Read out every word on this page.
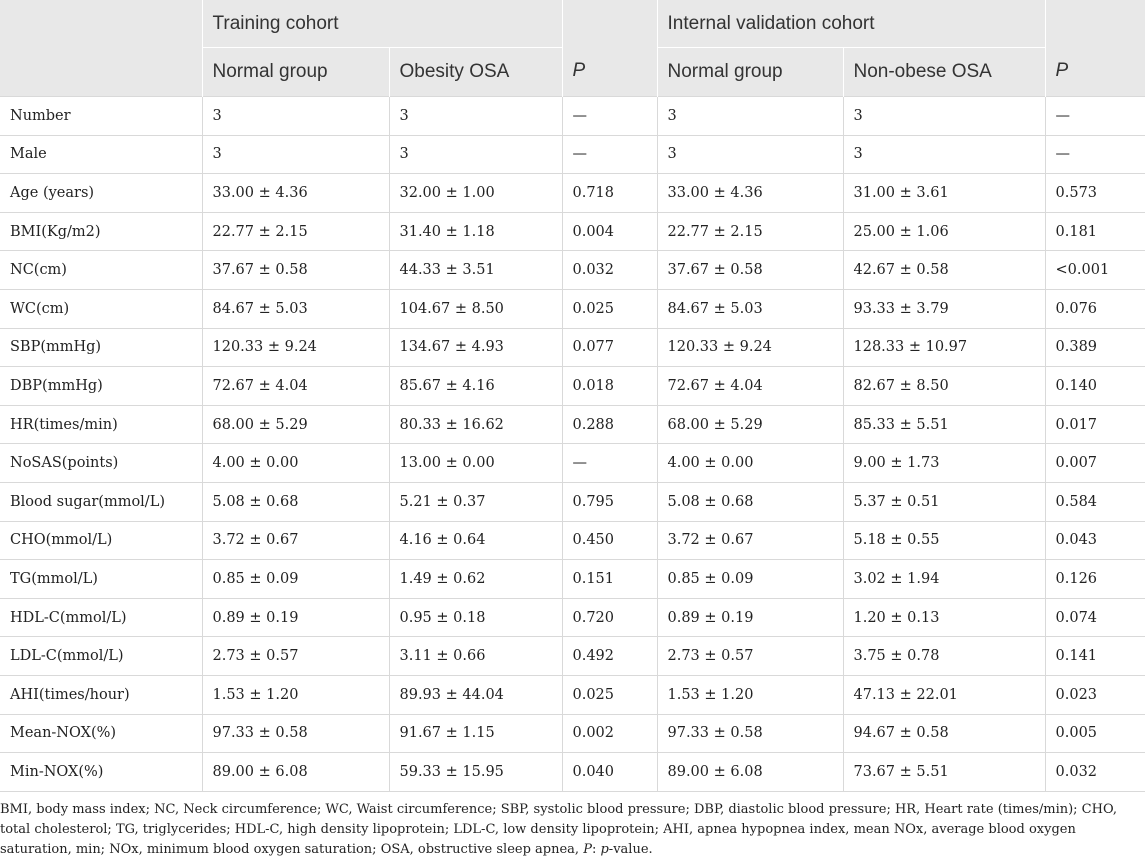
	Training cohort		P	Internal validation cohort		P
	Normal group	Obesity OSA		Normal group	Non-obese OSA	
Number	3	3	—	3	3	—
Male	3	3	—	3	3	—
Age (years)	33.00 ± 4.36	32.00 ± 1.00	0.718	33.00 ± 4.36	31.00 ± 3.61	0.573
BMI(Kg/m2)	22.77 ± 2.15	31.40 ± 1.18	0.004	22.77 ± 2.15	25.00 ± 1.06	0.181
NC(cm)	37.67 ± 0.58	44.33 ± 3.51	0.032	37.67 ± 0.58	42.67 ± 0.58	<0.001
WC(cm)	84.67 ± 5.03	104.67 ± 8.50	0.025	84.67 ± 5.03	93.33 ± 3.79	0.076
SBP(mmHg)	120.33 ± 9.24	134.67 ± 4.93	0.077	120.33 ± 9.24	128.33 ± 10.97	0.389
DBP(mmHg)	72.67 ± 4.04	85.67 ± 4.16	0.018	72.67 ± 4.04	82.67 ± 8.50	0.140
HR(times/min)	68.00 ± 5.29	80.33 ± 16.62	0.288	68.00 ± 5.29	85.33 ± 5.51	0.017
NoSAS(points)	4.00 ± 0.00	13.00 ± 0.00	—	4.00 ± 0.00	9.00 ± 1.73	0.007
Blood sugar(mmol/L)	5.08 ± 0.68	5.21 ± 0.37	0.795	5.08 ± 0.68	5.37 ± 0.51	0.584
CHO(mmol/L)	3.72 ± 0.67	4.16 ± 0.64	0.450	3.72 ± 0.67	5.18 ± 0.55	0.043
TG(mmol/L)	0.85 ± 0.09	1.49 ± 0.62	0.151	0.85 ± 0.09	3.02 ± 1.94	0.126
HDL-C(mmol/L)	0.89 ± 0.19	0.95 ± 0.18	0.720	0.89 ± 0.19	1.20 ± 0.13	0.074
LDL-C(mmol/L)	2.73 ± 0.57	3.11 ± 0.66	0.492	2.73 ± 0.57	3.75 ± 0.78	0.141
AHI(times/hour)	1.53 ± 1.20	89.93 ± 44.04	0.025	1.53 ± 1.20	47.13 ± 22.01	0.023
Mean-NOX(%)	97.33 ± 0.58	91.67 ± 1.15	0.002	97.33 ± 0.58	94.67 ± 0.58	0.005
Min-NOX(%)	89.00 ± 6.08	59.33 ± 15.95	0.040	89.00 ± 6.08	73.67 ± 5.51	0.032
BMI, body mass index; NC, Neck circumference; WC, Waist circumference; SBP, systolic blood pressure; DBP, diastolic blood pressure; HR, Heart rate (times/min); CHO, total cholesterol; TG, triglycerides; HDL-C, high density lipoprotein; LDL-C, low density lipoprotein; AHI, apnea hypopnea index, mean NOx, average blood oxygen saturation, min; NOx, minimum blood oxygen saturation; OSA, obstructive sleep apnea, P: p-value.
